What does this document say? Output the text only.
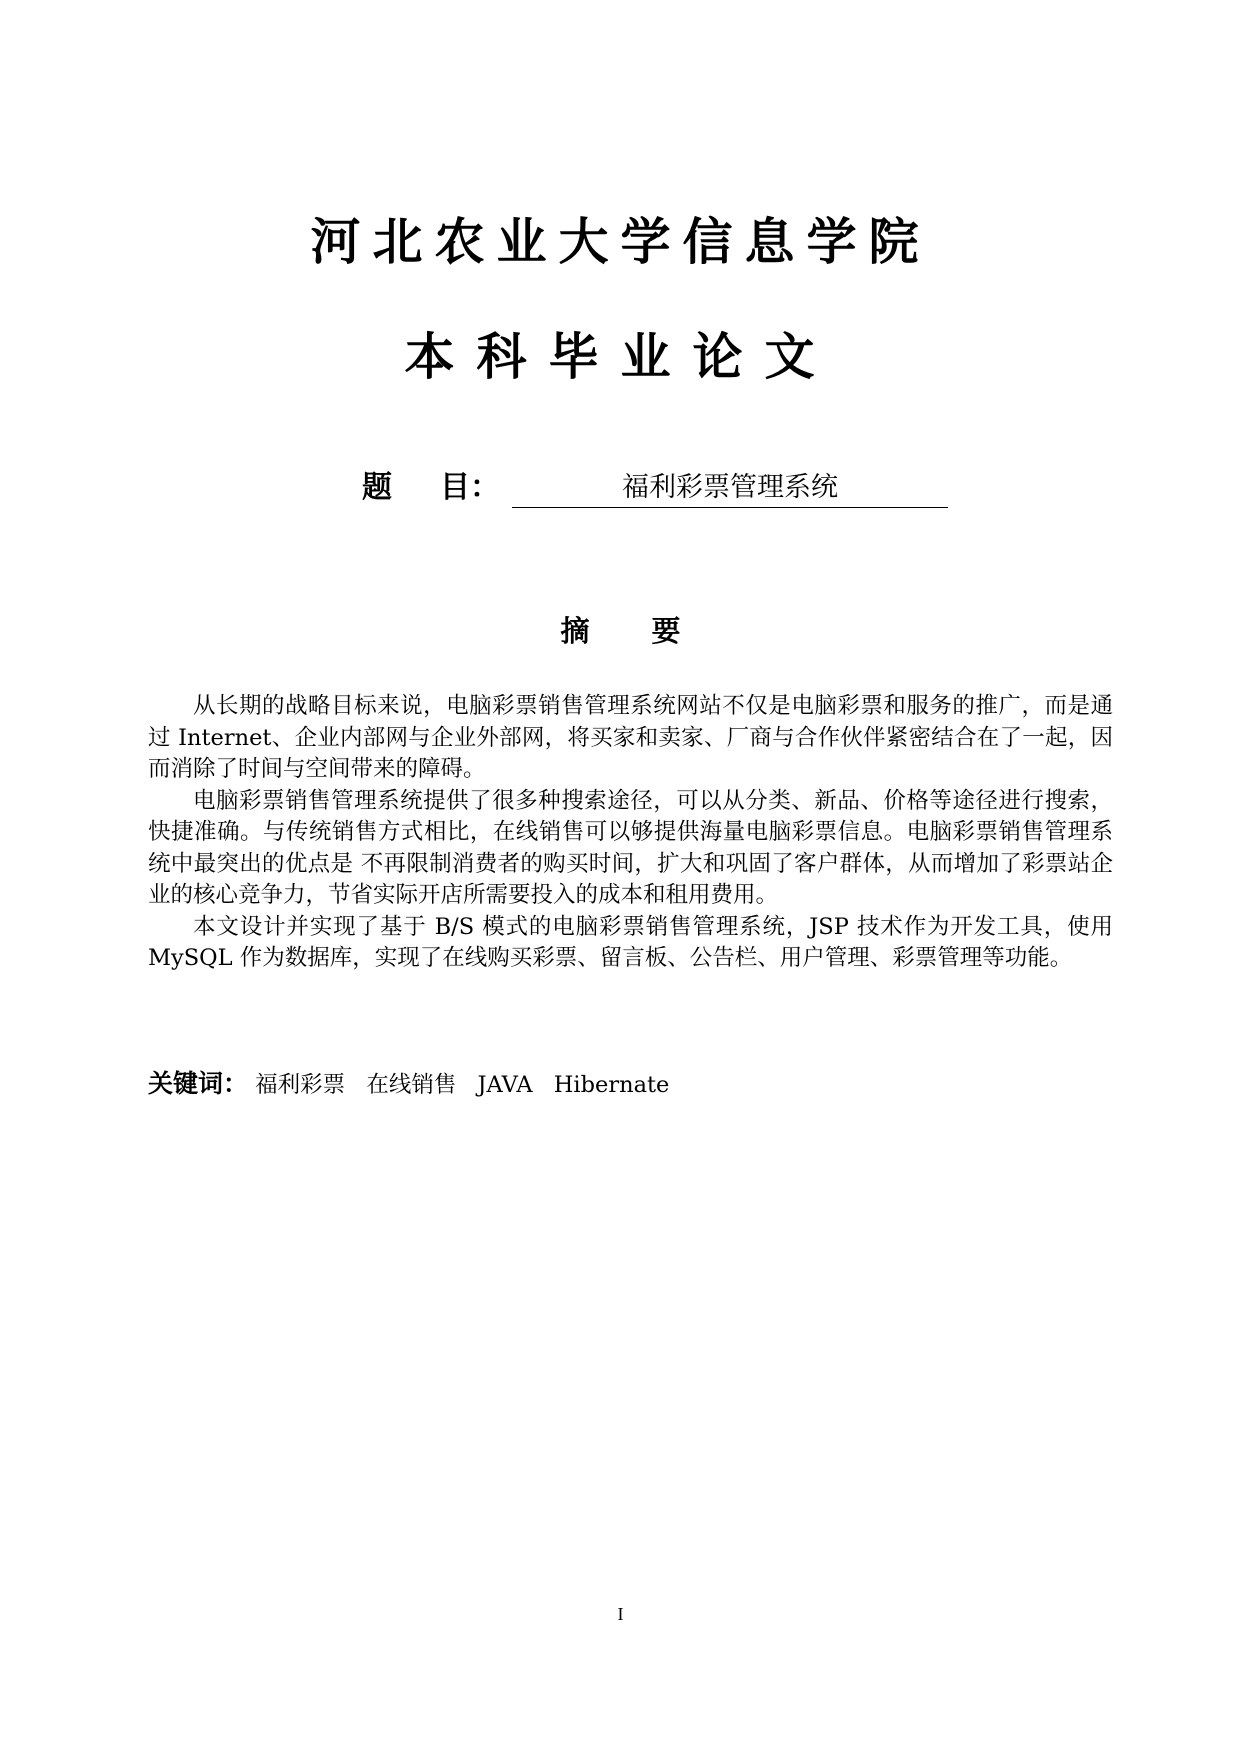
河北农业大学信息学院
本科毕业论文
题 目：	福利彩票管理系统
摘 要

从长期的战略目标来说，电脑彩票销售管理系统网站不仅是电脑彩票和服务的推广，而是通过 Internet、企业内部网与企业外部网，将买家和卖家、厂商与合作伙伴紧密结合在了一起，因而消除了时间与空间带来的障碍。

电脑彩票销售管理系统提供了很多种搜索途径，可以从分类、新品、价格等途径进行搜索，快捷准确。与传统销售方式相比，在线销售可以够提供海量电脑彩票信息。电脑彩票销售管理系统中最突出的优点是 不再限制消费者的购买时间，扩大和巩固了客户群体，从而增加了彩票站企业的核心竞争力，节省实际开店所需要投入的成本和租用费用。

本文设计并实现了基于 B/S 模式的电脑彩票销售管理系统，JSP 技术作为开发工具，使用 MySQL 作为数据库，实现了在线购买彩票、留言板、公告栏、用户管理、彩票管理等功能。

关键词： 福利彩票 在线销售 JAVA Hibernate
I
